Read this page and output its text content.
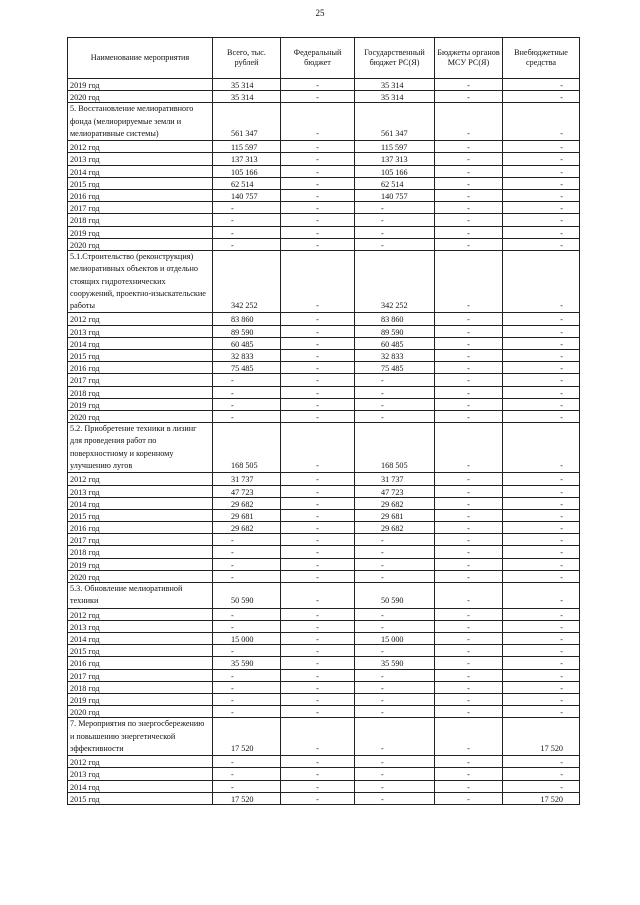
25
Наименование мероприятия	Всего, тыс. рублей	Федеральный бюджет	Государственный бюджет РС(Я)	Бюджеты органов МСУ РС(Я)	Внебюджетные средства
2019 год	35 314	-	35 314	-	-
2020 год	35 314	-	35 314	-	-
5. Восстановление мелиоративного фонда (мелиорируемые земли и мелиоративные системы)	561 347	-	561 347	-	-
2012 год	115 597	-	115 597	-	-
2013 год	137 313	-	137 313	-	-
2014 год	105 166	-	105 166	-	-
2015 год	62 514	-	62 514	-	-
2016 год	140 757	-	140 757	-	-
2017 год	-	-	-	-	-
2018 год	-	-	-	-	-
2019 год	-	-	-	-	-
2020 год	-	-	-	-	-
5.1.Строительство (реконструкция) мелиоративных объектов и отдельно стоящих гидротехнических сооружений, проектно-изыскательские работы	342 252	-	342 252	-	-
2012 год	83 860	-	83 860	-	-
2013 год	89 590	-	89 590	-	-
2014 год	60 485	-	60 485	-	-
2015 год	32 833	-	32 833	-	-
2016 год	75 485	-	75 485	-	-
2017 год	-	-	-	-	-
2018 год	-	-	-	-	-
2019 год	-	-	-	-	-
2020 год	-	-	-	-	-
5.2. Приобретение техники в лизинг для проведения работ по поверхностному и коренному улучшению лугов	168 505	-	168 505	-	-
2012 год	31 737	-	31 737	-	-
2013 год	47 723	-	47 723	-	-
2014 год	29 682	-	29 682	-	-
2015 год	29 681	-	29 681	-	-
2016 год	29 682	-	29 682	-	-
2017 год	-	-	-	-	-
2018 год	-	-	-	-	-
2019 год	-	-	-	-	-
2020 год	-	-	-	-	-
5.3. Обновление мелиоративной техники	50 590	-	50 590	-	-
2012 год	-	-	-	-	-
2013 год	-	-	-	-	-
2014 год	15 000	-	15 000	-	-
2015 год	-	-	-	-	-
2016 год	35 590	-	35 590	-	-
2017 год	-	-	-	-	-
2018 год	-	-	-	-	-
2019 год	-	-	-	-	-
2020 год	-	-	-	-	-
7. Мероприятия по энергосбережению и повышению энергетической эффективности	17 520	-	-	-	17 520
2012 год	-	-	-	-	-
2013 год	-	-	-	-	-
2014 год	-	-	-	-	-
2015 год	17 520	-	-	-	17 520
